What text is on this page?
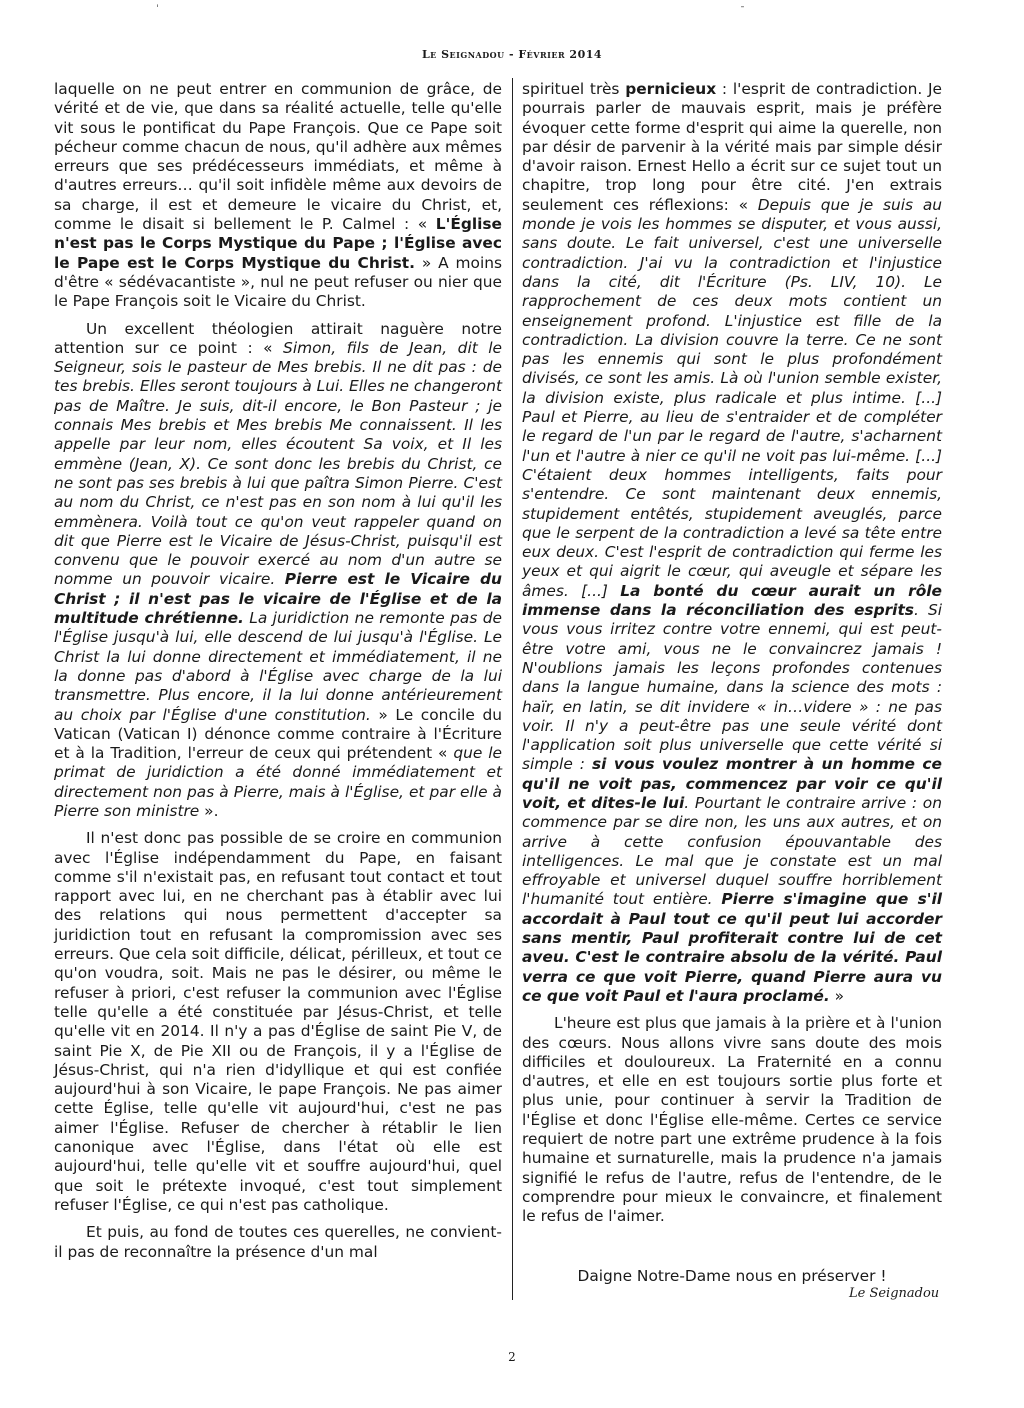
ˈ	ˉ
Le Seignadou - Février 2014

laquelle on ne peut entrer en communion de grâce, de vérité et de vie, que dans sa réalité actuelle, telle qu'elle vit sous le pontificat du Pape François. Que ce Pape soit pécheur comme chacun de nous, qu'il adhère aux mêmes erreurs que ses prédécesseurs immédiats, et même à d'autres erreurs… qu'il soit infidèle même aux devoirs de sa charge, il est et demeure le vicaire du Christ, et, comme le disait si bellement le P. Calmel : « L'Église n'est pas le Corps Mystique du Pape ; l'Église avec le Pape est le Corps Mystique du Christ. » A moins d'être « sédévacantiste », nul ne peut refuser ou nier que le Pape François soit le Vicaire du Christ.

Un excellent théologien attirait naguère notre attention sur ce point : « Simon, fils de Jean, dit le Seigneur, sois le pasteur de Mes brebis. Il ne dit pas : de tes brebis. Elles seront toujours à Lui. Elles ne changeront pas de Maître. Je suis, dit-il encore, le Bon Pasteur ; je connais Mes brebis et Mes brebis Me connaissent. Il les appelle par leur nom, elles écoutent Sa voix, et Il les emmène (Jean, X). Ce sont donc les brebis du Christ, ce ne sont pas ses brebis à lui que paîtra Simon Pierre. C'est au nom du Christ, ce n'est pas en son nom à lui qu'il les emmènera. Voilà tout ce qu'on veut rappeler quand on dit que Pierre est le Vicaire de Jésus-Christ, puisqu'il est convenu que le pouvoir exercé au nom d'un autre se nomme un pouvoir vicaire. Pierre est le Vicaire du Christ ; il n'est pas le vicaire de l'Église et de la multitude chrétienne. La juridiction ne remonte pas de l'Église jusqu'à lui, elle descend de lui jusqu'à l'Église. Le Christ la lui donne directement et immédiatement, il ne la donne pas d'abord à l'Église avec charge de la lui transmettre. Plus encore, il la lui donne antérieurement au choix par l'Église d'une constitution. » Le concile du Vatican (Vatican I) dénonce comme contraire à l'Écriture et à la Tradition, l'erreur de ceux qui prétendent « que le primat de juridiction a été donné immédiatement et directement non pas à Pierre, mais à l'Église, et par elle à Pierre son ministre ».

Il n'est donc pas possible de se croire en communion avec l'Église indépendamment du Pape, en faisant comme s'il n'existait pas, en refusant tout contact et tout rapport avec lui, en ne cherchant pas à établir avec lui des relations qui nous permettent d'accepter sa juridiction tout en refusant la compromission avec ses erreurs. Que cela soit difficile, délicat, périlleux, et tout ce qu'on voudra, soit. Mais ne pas le désirer, ou même le refuser à priori, c'est refuser la communion avec l'Église telle qu'elle a été constituée par Jésus-Christ, et telle qu'elle vit en 2014. Il n'y a pas d'Église de saint Pie V, de saint Pie X, de Pie XII ou de François, il y a l'Église de Jésus-Christ, qui n'a rien d'idyllique et qui est confiée aujourd'hui à son Vicaire, le pape François. Ne pas aimer cette Église, telle qu'elle vit aujourd'hui, c'est ne pas aimer l'Église. Refuser de chercher à rétablir le lien canonique avec l'Église, dans l'état où elle est aujourd'hui, telle qu'elle vit et souffre aujourd'hui, quel que soit le prétexte invoqué, c'est tout simplement refuser l'Église, ce qui n'est pas catholique.

Et puis, au fond de toutes ces querelles, ne convient-il pas de reconnaître la présence d'un mal

spirituel très pernicieux : l'esprit de contradiction. Je pourrais parler de mauvais esprit, mais je préfère évoquer cette forme d'esprit qui aime la querelle, non par désir de parvenir à la vérité mais par simple désir d'avoir raison. Ernest Hello a écrit sur ce sujet tout un chapitre, trop long pour être cité. J'en extrais seulement ces réflexions: « Depuis que je suis au monde je vois les hommes se disputer, et vous aussi, sans doute. Le fait universel, c'est une universelle contradiction. J'ai vu la contradiction et l'injustice dans la cité, dit l'Écriture (Ps. LIV, 10). Le rapprochement de ces deux mots contient un enseignement profond. L'injustice est fille de la contradiction. La division couvre la terre. Ce ne sont pas les ennemis qui sont le plus profondément divisés, ce sont les amis. Là où l'union semble exister, la division existe, plus radicale et plus intime. [...] Paul et Pierre, au lieu de s'entraider et de compléter le regard de l'un par le regard de l'autre, s'acharnent l'un et l'autre à nier ce qu'il ne voit pas lui-même. [...] C'étaient deux hommes intelligents, faits pour s'entendre. Ce sont maintenant deux ennemis, stupidement entêtés, stupidement aveuglés, parce que le serpent de la contradiction a levé sa tête entre eux deux. C'est l'esprit de contradiction qui ferme les yeux et qui aigrit le cœur, qui aveugle et sépare les âmes. [...] La bonté du cœur aurait un rôle immense dans la réconciliation des esprits. Si vous vous irritez contre votre ennemi, qui est peut-être votre ami, vous ne le convaincrez jamais ! N'oublions jamais les leçons profondes contenues dans la langue humaine, dans la science des mots : haïr, en latin, se dit invidere « in…videre » : ne pas voir. Il n'y a peut-être pas une seule vérité dont l'application soit plus universelle que cette vérité si simple : si vous voulez montrer à un homme ce qu'il ne voit pas, commencez par voir ce qu'il voit, et dites-le lui. Pourtant le contraire arrive : on commence par se dire non, les uns aux autres, et on arrive à cette confusion épouvantable des intelligences. Le mal que je constate est un mal effroyable et universel duquel souffre horriblement l'humanité tout entière. Pierre s'imagine que s'il accordait à Paul tout ce qu'il peut lui accorder sans mentir, Paul profiterait contre lui de cet aveu. C'est le contraire absolu de la vérité. Paul verra ce que voit Pierre, quand Pierre aura vu ce que voit Paul et l'aura proclamé. »

L'heure est plus que jamais à la prière et à l'union des cœurs. Nous allons vivre sans doute des mois difficiles et douloureux. La Fraternité en a connu d'autres, et elle en est toujours sortie plus forte et plus unie, pour continuer à servir la Tradition de l'Église et donc l'Église elle-même. Certes ce service requiert de notre part une extrême prudence à la fois humaine et surnaturelle, mais la prudence n'a jamais signifié le refus de l'autre, refus de l'entendre, de le comprendre pour mieux le convaincre, et finalement le refus de l'aimer.

Daigne Notre-Dame nous en préserver !

Le Seignadou
2
